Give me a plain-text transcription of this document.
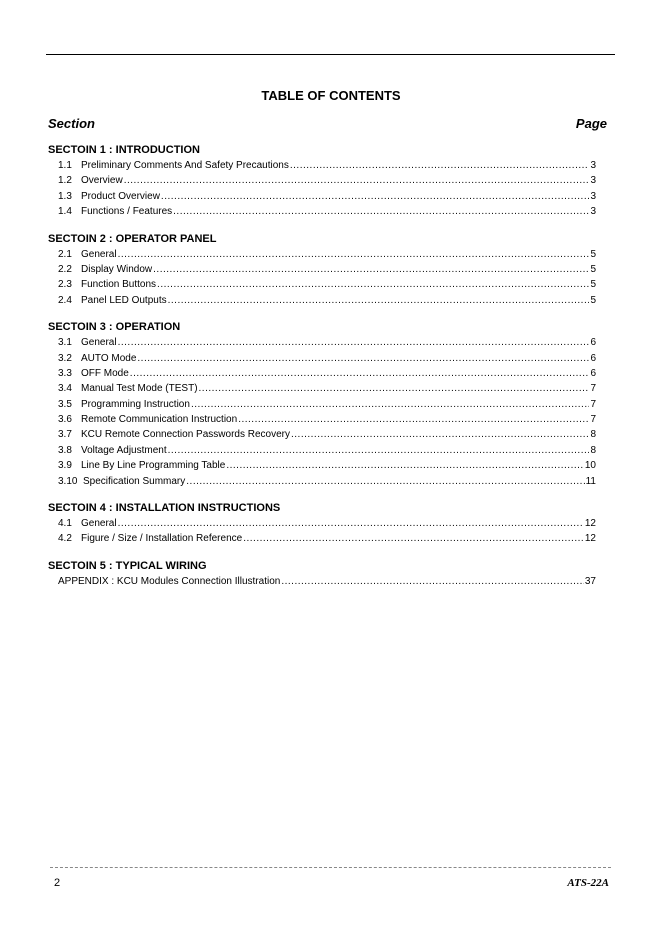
TABLE OF CONTENTS
Section	Page
SECTOIN 1 : INTRODUCTION
1.1 Preliminary Comments And Safety Precautions .....	3
1.2 Overview .....	3
1.3 Product Overview .....	3
1.4 Functions / Features .....	3
SECTOIN 2 : OPERATOR PANEL
2.1 General .....	5
2.2 Display Window .....	5
2.3 Function Buttons .....	5
2.4 Panel LED Outputs .....	5
SECTOIN 3 : OPERATION
3.1 General .....	6
3.2 AUTO Mode .....	6
3.3 OFF Mode .....	6
3.4 Manual Test Mode (TEST) .....	7
3.5 Programming Instruction .....	7
3.6 Remote Communication Instruction .....	7
3.7 KCU Remote Connection Passwords Recovery .....	8
3.8 Voltage Adjustment .....	8
3.9 Line By Line Programming Table .....	10
3.10 Specification Summary .....	11
SECTOIN 4 : INSTALLATION INSTRUCTIONS
4.1 General .....	12
4.2 Figure / Size / Installation Reference .....	12
SECTOIN 5 : TYPICAL WIRING
APPENDIX : KCU Modules Connection Illustration .....	37
2	ATS-22A
